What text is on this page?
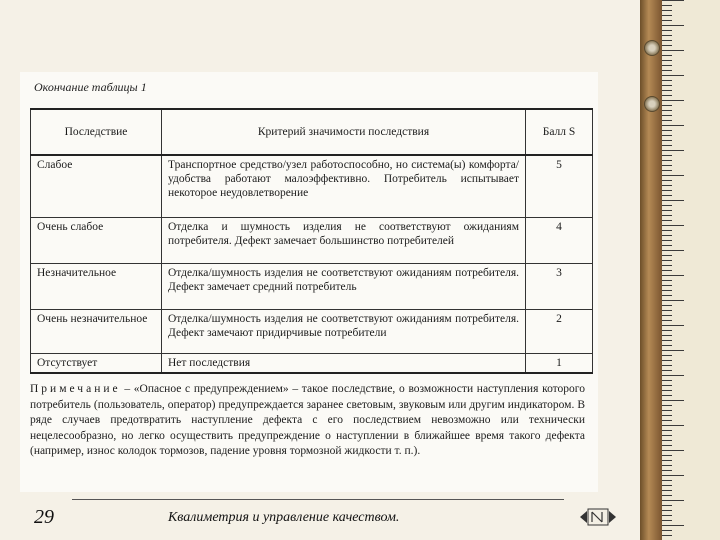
Окончание таблицы 1
Последствие	Критерий значимости последствия	Балл S
Слабое	Транспортное средство/узел работоспособно, но система(ы) комфорта/удобства работают малоэффективно. Потребитель испытывает некоторое неудовлетворение	5
Очень слабое	Отделка и шумность изделия не соответствуют ожиданиям потребителя. Дефект замечает большинство потребителей	4
Незначительное	Отделка/шумность изделия не соответствуют ожиданиям потребителя. Дефект замечает средний потребитель	3
Очень незначительное	Отделка/шумность изделия не соответствуют ожиданиям потребителя. Дефект замечают придирчивые потребители	2
Отсутствует	Нет последствия	1
Примечание – «Опасное с предупреждением» – такое последствие, о возможности наступления которого потребитель (пользователь, оператор) предупреждается заранее световым, звуковым или другим индикатором. В ряде случаев предотвратить наступление дефекта с его последствием невозможно или технически нецелесообразно, но легко осуществить предупреждение о наступлении в ближайшее время такого дефекта (например, износ колодок тормозов, падение уровня тормозной жидкости т. п.).
29	Квалиметрия и управление качеством.
